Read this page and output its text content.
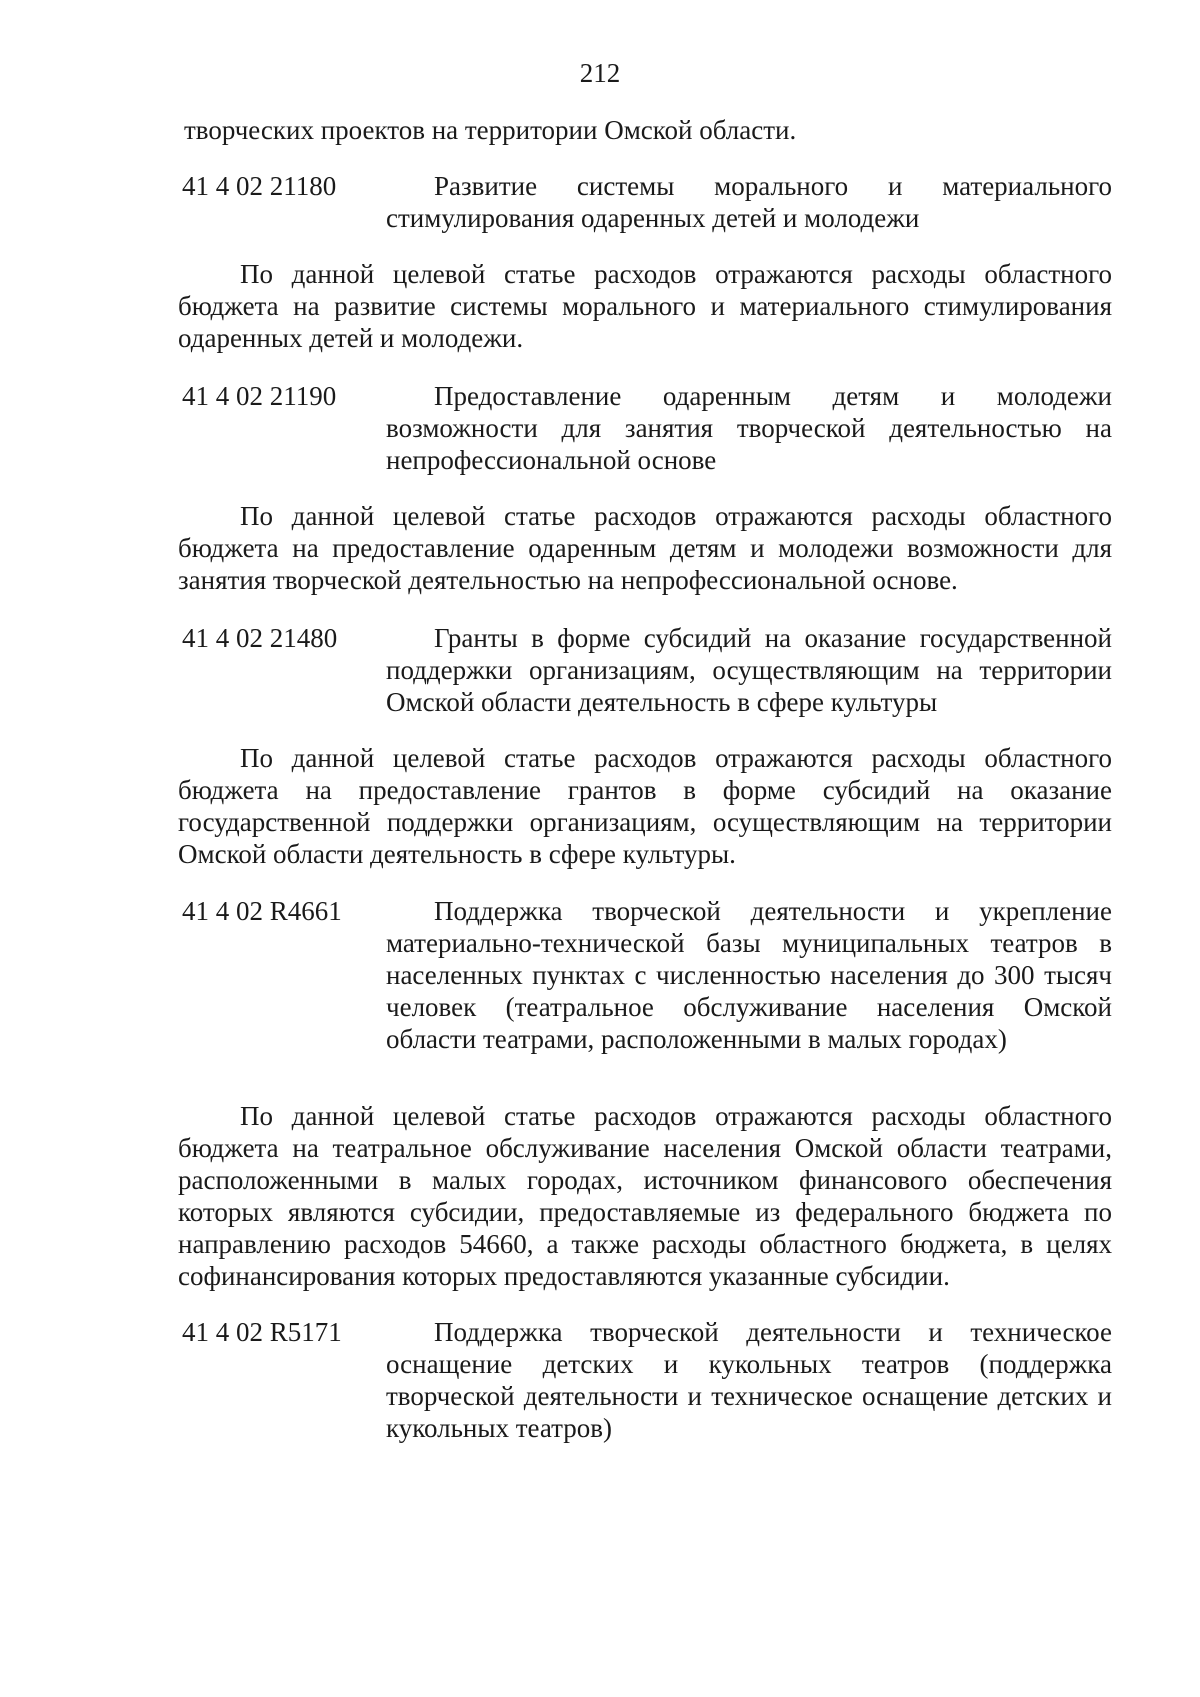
212
творческих проектов на территории Омской области.
41 4 02 21180	Развитие системы морального и материального стимулирования одаренных детей и молодежи
По данной целевой статье расходов отражаются расходы областного бюджета на развитие системы морального и материального стимулирования одаренных детей и молодежи.
41 4 02 21190	Предоставление одаренным детям и молодежи возможности для занятия творческой деятельностью на непрофессиональной основе
По данной целевой статье расходов отражаются расходы областного бюджета на предоставление одаренным детям и молодежи возможности для занятия творческой деятельностью на непрофессиональной основе.
41 4 02 21480	Гранты в форме субсидий на оказание государственной поддержки организациям, осуществляющим на территории Омской области деятельность в сфере культуры
По данной целевой статье расходов отражаются расходы областного бюджета на предоставление грантов в форме субсидий на оказание государственной поддержки организациям, осуществляющим на территории Омской области деятельность в сфере культуры.
41 4 02 R4661	Поддержка творческой деятельности и укрепление материально-технической базы муниципальных театров в населенных пунктах с численностью населения до 300 тысяч человек (театральное обслуживание населения Омской области театрами, расположенными в малых городах)
По данной целевой статье расходов отражаются расходы областного бюджета на театральное обслуживание населения Омской области театрами, расположенными в малых городах, источником финансового обеспечения которых являются субсидии, предоставляемые из федерального бюджета по направлению расходов 54660, а также расходы областного бюджета, в целях софинансирования которых предоставляются указанные субсидии.
41 4 02 R5171	Поддержка творческой деятельности и техническое оснащение детских и кукольных театров (поддержка творческой деятельности и техническое оснащение детских и кукольных театров)
